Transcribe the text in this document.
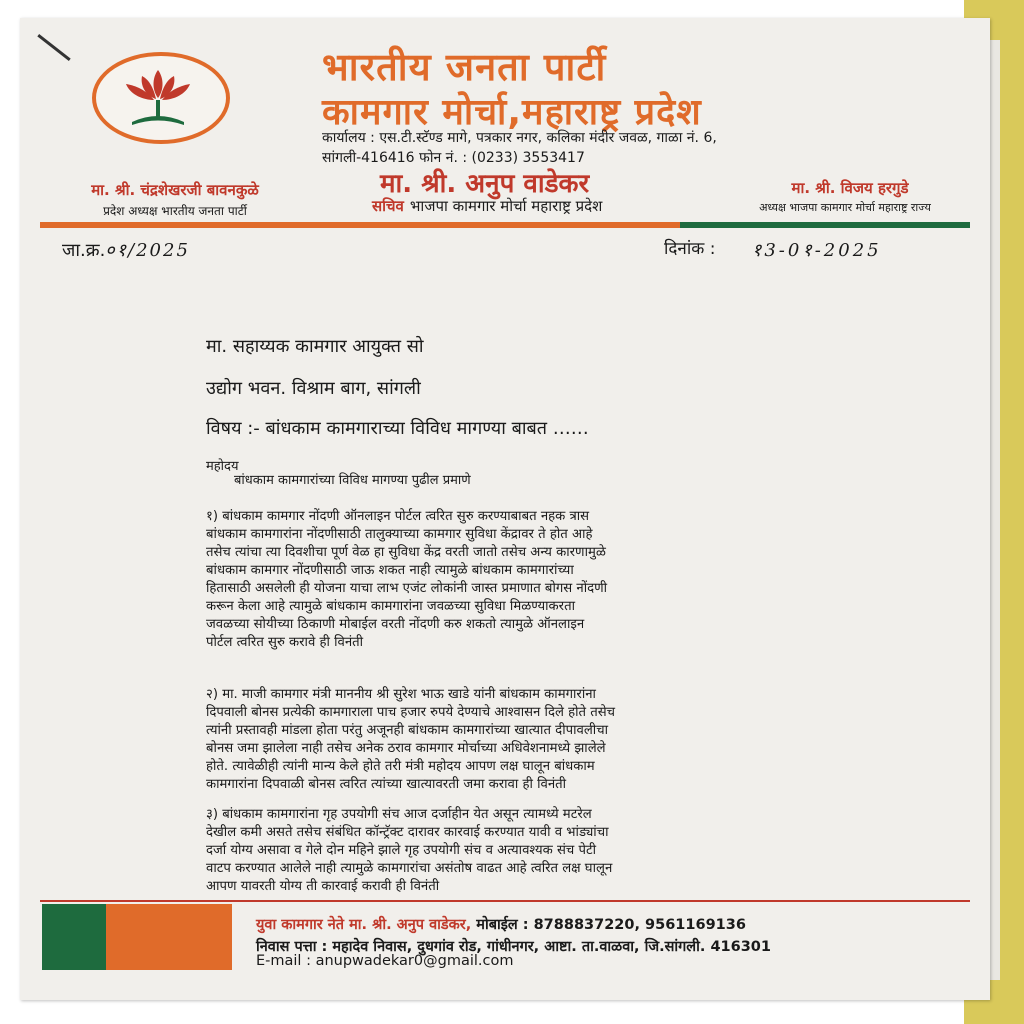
भारतीय जनता पार्टी
कामगार मोर्चा,महाराष्ट्र प्रदेश
कार्यालय : एस.टी.स्टॅण्ड मागे, पत्रकार नगर, कलिका मंदीर जवळ, गाळा नं. 6,
सांगली-416416 फोन नं. : (0233) 3553417
मा. श्री. चंद्रशेखरजी बावनकुळे
प्रदेश अध्यक्ष भारतीय जनता पार्टी
मा. श्री. अनुप वाडेकर
सचिव भाजपा कामगार मोर्चा महाराष्ट्र प्रदेश
मा. श्री. विजय हरगुडे
अध्यक्ष भाजपा कामगार मोर्चा महाराष्ट्र राज्य
जा.क्र.०१/2025	दिनांक : १3-0१-2025
मा. सहाय्यक कामगार आयुक्त सो
उद्योग भवन. विश्राम बाग, सांगली
विषय :- बांधकाम कामगाराच्या विविध मागण्या बाबत ……
महोदय
बांधकाम कामगारांच्या विविध मागण्या पुढील प्रमाणे
१) बांधकाम कामगार नोंदणी ऑनलाइन पोर्टल त्वरित सुरु करण्याबाबत नहक त्रास
बांधकाम कामगारांना नोंदणीसाठी तालुक्याच्या कामगार सुविधा केंद्रावर ते होत आहे
तसेच त्यांचा त्या दिवशीचा पूर्ण वेळ हा सुविधा केंद्र वरती जातो तसेच अन्य कारणामुळे
बांधकाम कामगार नोंदणीसाठी जाऊ शकत नाही त्यामुळे बांधकाम कामगारांच्या
हितासाठी असलेली ही योजना याचा लाभ एजंट लोकांनी जास्त प्रमाणात बोगस नोंदणी
करून केला आहे त्यामुळे बांधकाम कामगारांना जवळच्या सुविधा मिळण्याकरता
जवळच्या सोयीच्या ठिकाणी मोबाईल वरती नोंदणी करु शकतो त्यामुळे ऑनलाइन
पोर्टल त्वरित सुरु करावे ही विनंती
२) मा. माजी कामगार मंत्री माननीय श्री सुरेश भाऊ खाडे यांनी बांधकाम कामगारांना
दिपवाली बोनस प्रत्येकी कामगाराला पाच हजार रुपये देण्याचे आश्वासन दिले होते तसेच
त्यांनी प्रस्तावही मांडला होता परंतु अजूनही बांधकाम कामगारांच्या खात्यात दीपावलीचा
बोनस जमा झालेला नाही तसेच अनेक ठराव कामगार मोर्चाच्या अधिवेशनामध्ये झालेले
होते. त्यावेळीही त्यांनी मान्य केले होते तरी मंत्री महोदय आपण लक्ष घालून बांधकाम
कामगारांना दिपवाळी बोनस त्वरित त्यांच्या खात्यावरती जमा करावा ही विनंती
३) बांधकाम कामगारांना गृह उपयोगी संच आज दर्जाहीन येत असून त्यामध्ये मटरेल
देखील कमी असते तसेच संबंधित कॉन्ट्रॅक्ट दारावर कारवाई करण्यात यावी व भांड्यांचा
दर्जा योग्य असावा व गेले दोन महिने झाले गृह उपयोगी संच व अत्यावश्यक संच पेटी
वाटप करण्यात आलेले नाही त्यामुळे कामगारांचा असंतोष वाढत आहे त्वरित लक्ष घालून
आपण यावरती योग्य ती कारवाई करावी ही विनंती
युवा कामगार नेते मा. श्री. अनुप वाडेकर, मोबाईल : 8788837220, 9561169136
निवास पत्ता : महादेव निवास, दुधगांव रोड, गांधीनगर, आष्टा. ता.वाळवा, जि.सांगली. 416301
E-mail : anupwadekar0@gmail.com
